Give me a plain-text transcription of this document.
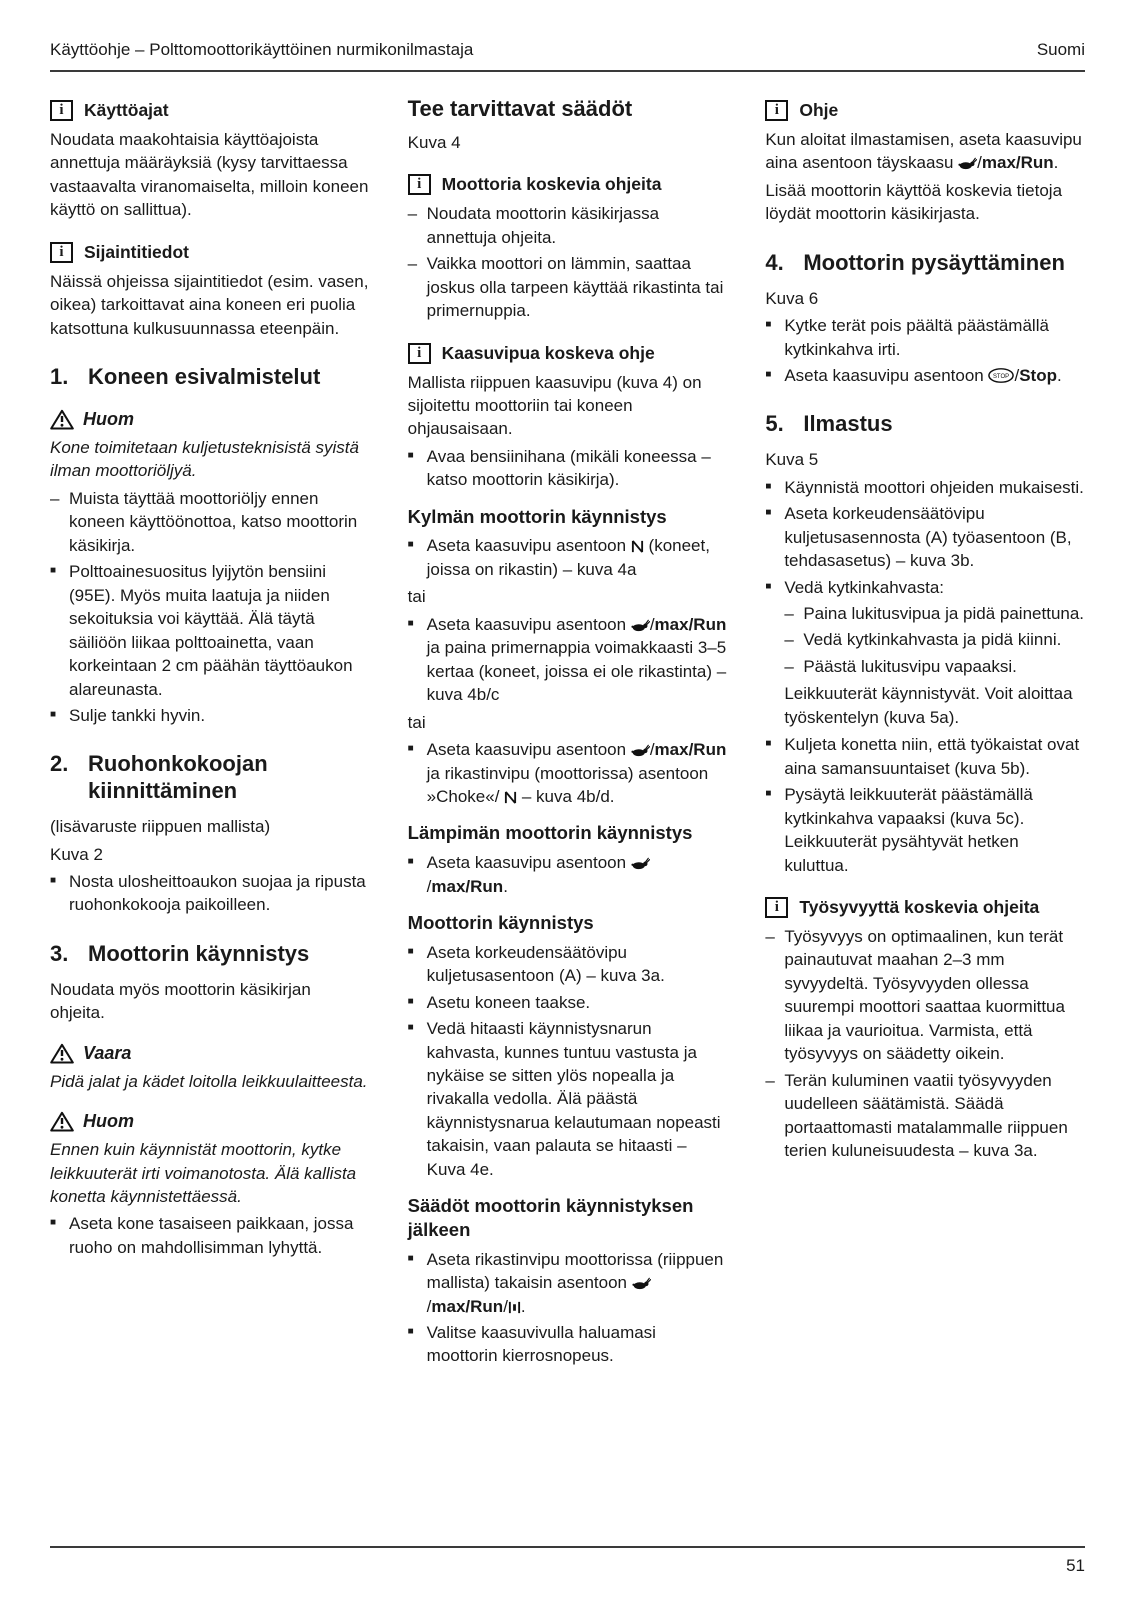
Käyttöohje – Polttomoottorikäyttöinen nurmikonilmastaja	Suomi
i	Käyttöajat
Noudata maakohtaisia käyttöajoista annettuja määräyksiä (kysy tarvittaessa vastaavalta viranomaiselta, milloin koneen käyttö on sallittua).
i	Sijaintitiedot
Näissä ohjeissa sijaintitiedot (esim. vasen, oikea) tarkoittavat aina koneen eri puolia katsottuna kulkusuunnassa eteenpäin.
1. Koneen esivalmistelut
Huom
Kone toimitetaan kuljetusteknisistä syistä ilman moottoriöljyä.
– Muista täyttää moottoriöljy ennen koneen käyttöönottoa, katso moottorin käsikirja.
■ Polttoainesuositus lyijytön bensiini (95E). Myös muita laatuja ja niiden sekoituksia voi käyttää. Älä täytä säiliöön liikaa polttoainetta, vaan korkeintaan 2 cm päähän täyttöaukon alareunasta.
■ Sulje tankki hyvin.
2. Ruohonkokoojan kiinnittäminen
(lisävaruste riippuen mallista)
Kuva 2
■ Nosta ulosheittoaukon suojaa ja ripusta ruohonkokooja paikoilleen.
3. Moottorin käynnistys
Noudata myös moottorin käsikirjan ohjeita.
Vaara
Pidä jalat ja kädet loitolla leikkuulaitteesta.
Huom
Ennen kuin käynnistät moottorin, kytke leikkuuterät irti voimanotosta. Älä kallista konetta käynnistettäessä.
■ Aseta kone tasaiseen paikkaan, jossa ruoho on mahdollisimman lyhyttä.
Tee tarvittavat säädöt
Kuva 4
i	Moottoria koskevia ohjeita
– Noudata moottorin käsikirjassa annettuja ohjeita.
– Vaikka moottori on lämmin, saattaa joskus olla tarpeen käyttää rikastinta tai primernuppia.
i	Kaasuvipua koskeva ohje
Mallista riippuen kaasuvipu (kuva 4) on sijoitettu moottoriin tai koneen ohjausaisaan.
■ Avaa bensiinihana (mikäli koneessa – katso moottorin käsikirja).
Kylmän moottorin käynnistys
■ Aseta kaasuvipu asentoon
(koneet, joissa on rikastin) – kuva 4a
tai
■ Aseta kaasuvipu asentoon
/max/Run ja paina primernappia voimakkaasti 3–5 kertaa (koneet, joissa ei ole rikastinta) – kuva 4b/c
tai
■ Aseta kaasuvipu asentoon
/max/Run ja rikastinvipu (moottorissa) asentoon »Choke«/
– kuva 4b/d.
Lämpimän moottorin käynnistys
■ Aseta kaasuvipu asentoon
/max/Run.
Moottorin käynnistys
■ Aseta korkeudensäätövipu kuljetusasentoon (A) – kuva 3a.
■ Asetu koneen taakse.
■ Vedä hitaasti käynnistysnarun kahvasta, kunnes tuntuu vastusta ja nykäise se sitten ylös nopealla ja rivakalla vedolla. Älä päästä käynnistysnarua kelautumaan nopeasti takaisin, vaan palauta se hitaasti – Kuva 4e.
Säädöt moottorin käynnistyksen jälkeen
■ Aseta rikastinvipu moottorissa (riippuen mallista) takaisin asentoon
/max/Run/ .
■ Valitse kaasuvivulla haluamasi moottorin kierrosnopeus.
i	Ohje
Kun aloitat ilmastamisen, aseta kaasuvipu aina asentoon täyskaasu
/max/Run.
Lisää moottorin käyttöä koskevia tietoja löydät moottorin käsikirjasta.
4. Moottorin pysäyttäminen
Kuva 6
■ Kytke terät pois päältä päästämällä kytkinkahva irti.
■ Aseta kaasuvipu asentoon STOP /Stop.
5. Ilmastus
Kuva 5
■ Käynnistä moottori ohjeiden mukaisesti.
■ Aseta korkeudensäätövipu kuljetusasennosta (A) työasentoon (B, tehdasasetus) – kuva 3b.
■ Vedä kytkinkahvasta:
– Paina lukitusvipua ja pidä painettuna.
– Vedä kytkinkahvasta ja pidä kiinni.
– Päästä lukitusvipu vapaaksi.
Leikkuuterät käynnistyvät. Voit aloittaa työskentelyn (kuva 5a).
■ Kuljeta konetta niin, että työkaistat ovat aina samansuuntaiset (kuva 5b).
■ Pysäytä leikkuuterät päästämällä kytkinkahva vapaaksi (kuva 5c). Leikkuuterät pysähtyvät hetken kuluttua.
i	Työsyvyyttä koskevia ohjeita
– Työsyvyys on optimaalinen, kun terät painautuvat maahan 2–3 mm syvyydeltä. Työsyvyyden ollessa suurempi moottori saattaa kuormittua liikaa ja vaurioitua. Varmista, että työsyvyys on säädetty oikein.
– Terän kuluminen vaatii työsyvyyden uudelleen säätämistä. Säädä portaattomasti matalammalle riippuen terien kuluneisuudesta – kuva 3a.
51
